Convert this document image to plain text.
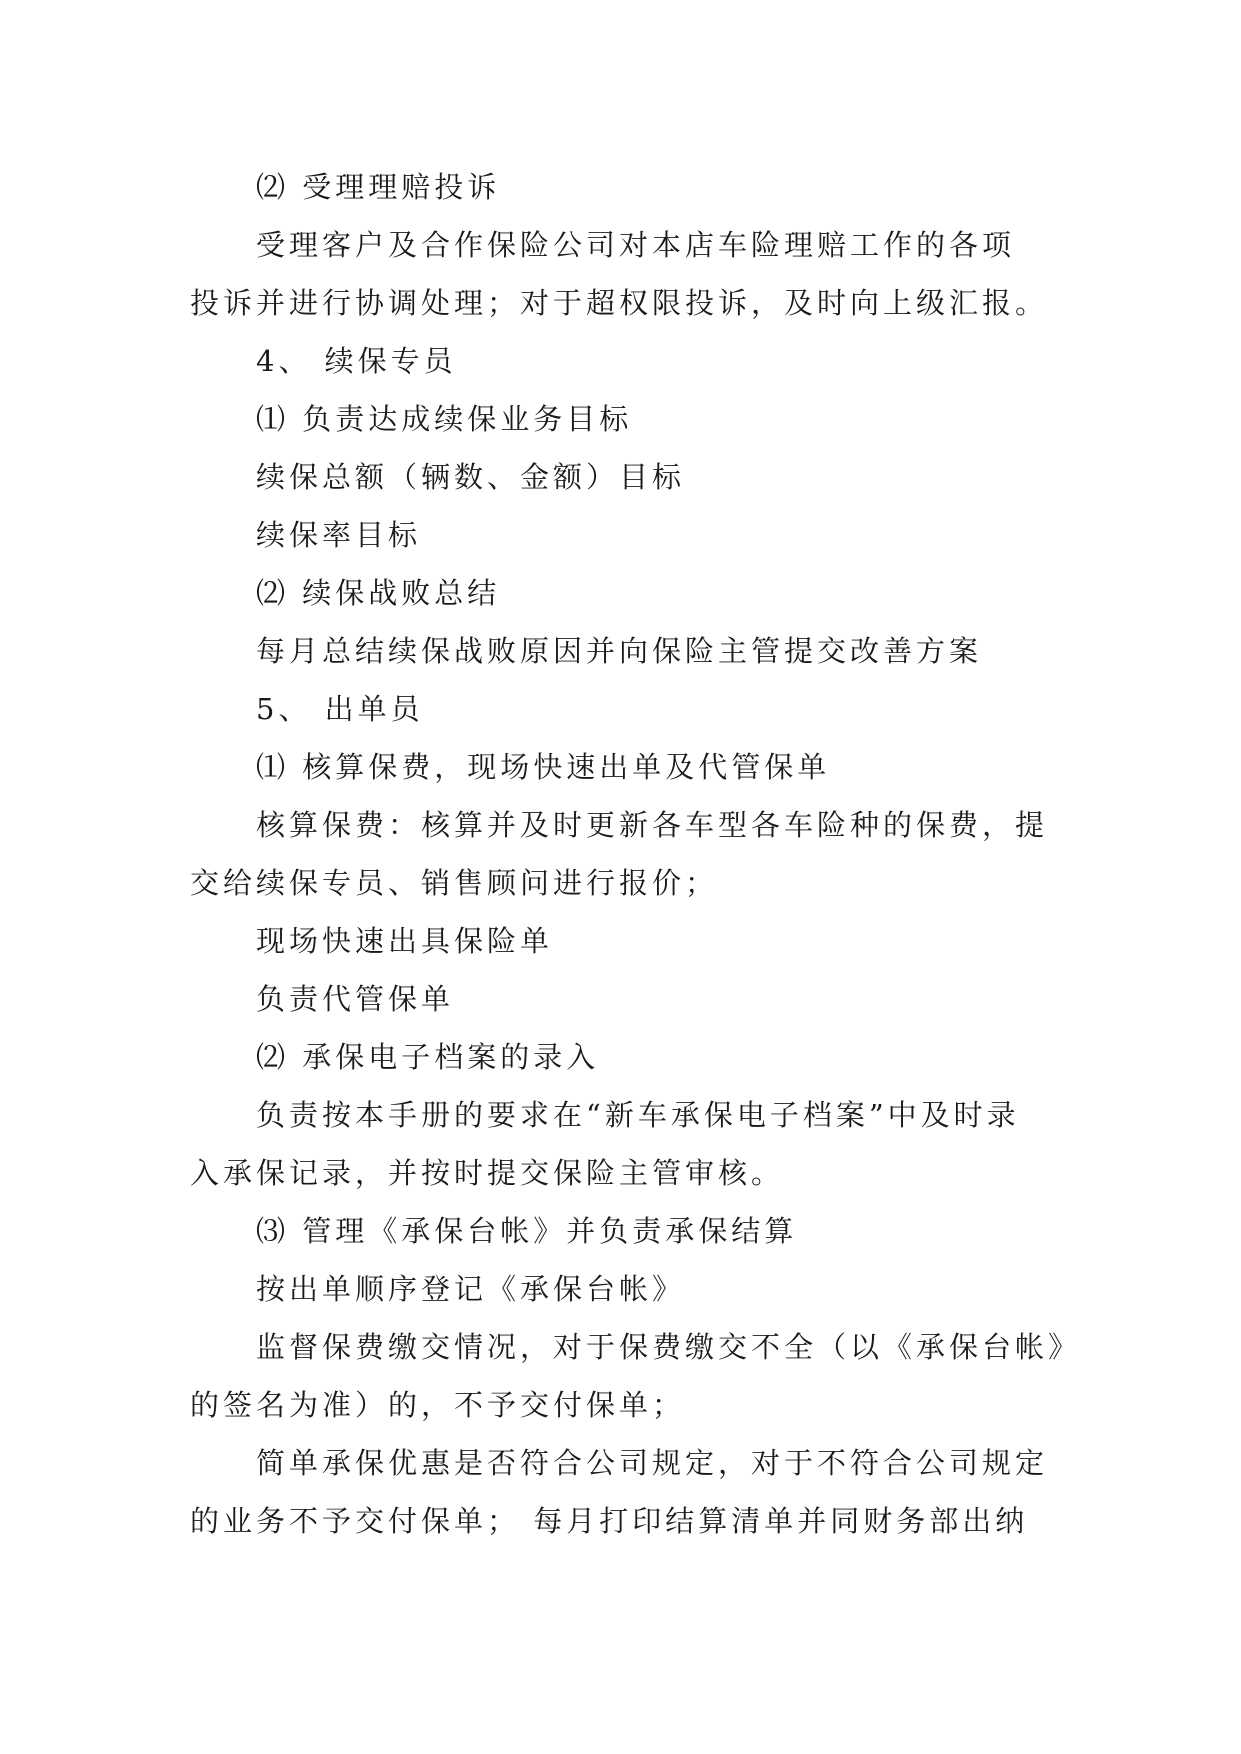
⑵ 受理理赔投诉
受理客户及合作保险公司对本店车险理赔工作的各项
投诉并进行协调处理；对于超权限投诉，及时向上级汇报。
4、 续保专员
⑴ 负责达成续保业务目标
续保总额（辆数、金额）目标
续保率目标
⑵ 续保战败总结
每月总结续保战败原因并向保险主管提交改善方案
5、 出单员
⑴ 核算保费，现场快速出单及代管保单
核算保费：核算并及时更新各车型各车险种的保费，提
交给续保专员、销售顾问进行报价；
现场快速出具保险单
负责代管保单
⑵ 承保电子档案的录入
负责按本手册的要求在“新车承保电子档案”中及时录
入承保记录，并按时提交保险主管审核。
⑶ 管理《承保台帐》并负责承保结算
按出单顺序登记《承保台帐》
监督保费缴交情况，对于保费缴交不全（以《承保台帐》
的签名为准）的，不予交付保单；
简单承保优惠是否符合公司规定，对于不符合公司规定
的业务不予交付保单； 每月打印结算清单并同财务部出纳
